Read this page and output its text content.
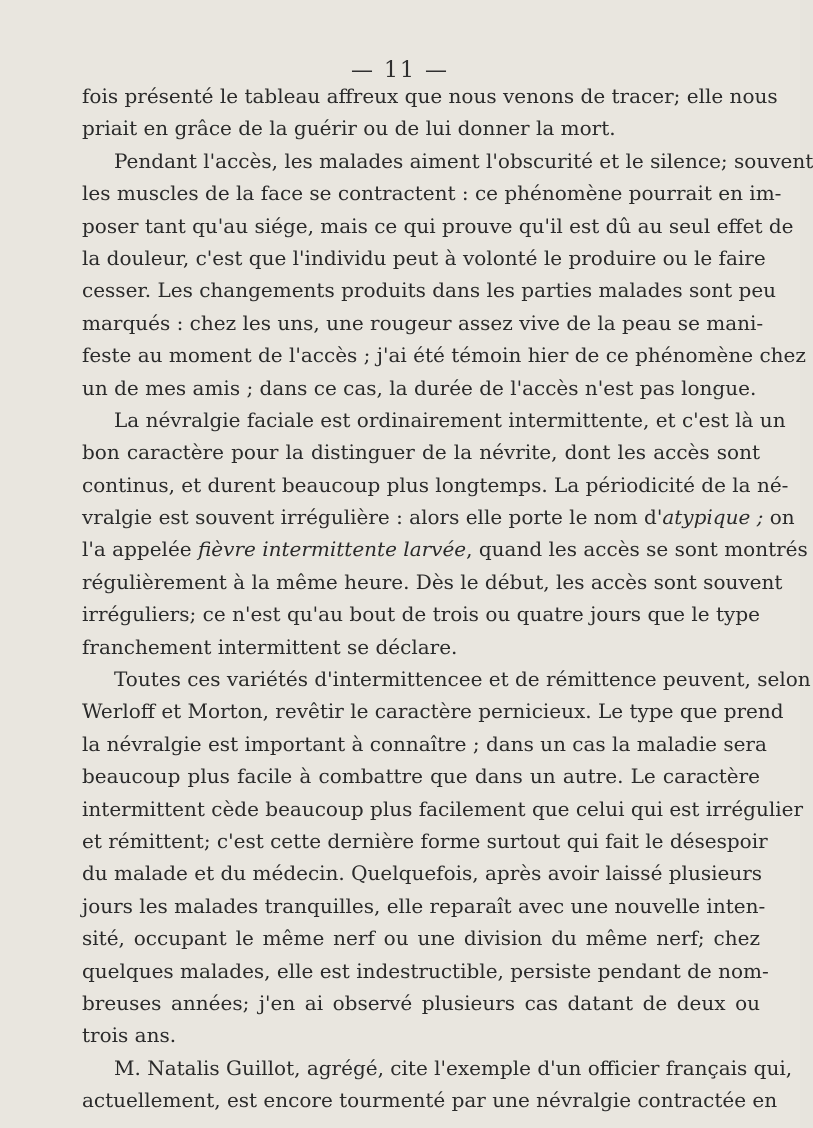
— 11 —
fois présenté le tableau affreux que nous venons de tracer; elle nous
priait en grâce de la guérir ou de lui donner la mort.
Pendant l'accès, les malades aiment l'obscurité et le silence; souvent
les muscles de la face se contractent : ce phénomène pourrait en im-
poser tant qu'au siége, mais ce qui prouve qu'il est dû au seul effet de
la douleur, c'est que l'individu peut à volonté le produire ou le faire
cesser. Les changements produits dans les parties malades sont peu
marqués : chez les uns, une rougeur assez vive de la peau se mani-
feste au moment de l'accès ; j'ai été témoin hier de ce phénomène chez
un de mes amis ; dans ce cas, la durée de l'accès n'est pas longue.
La névralgie faciale est ordinairement intermittente, et c'est là un
bon caractère pour la distinguer de la névrite, dont les accès sont
continus, et durent beaucoup plus longtemps. La périodicité de la né-
vralgie est souvent irrégulière : alors elle porte le nom d'atypique ; on
l'a appelée fièvre intermittente larvée, quand les accès se sont montrés
régulièrement à la même heure. Dès le début, les accès sont souvent
irréguliers; ce n'est qu'au bout de trois ou quatre jours que le type
franchement intermittent se déclare.
Toutes ces variétés d'intermittencee et de rémittence peuvent, selon
Werloff et Morton, revêtir le caractère pernicieux. Le type que prend
la névralgie est important à connaître ; dans un cas la maladie sera
beaucoup plus facile à combattre que dans un autre. Le caractère
intermittent cède beaucoup plus facilement que celui qui est irrégulier
et rémittent; c'est cette dernière forme surtout qui fait le désespoir
du malade et du médecin. Quelquefois, après avoir laissé plusieurs
jours les malades tranquilles, elle reparaît avec une nouvelle inten-
sité, occupant le même nerf ou une division du même nerf; chez
quelques malades, elle est indestructible, persiste pendant de nom-
breuses années; j'en ai observé plusieurs cas datant de deux ou
trois ans.
M. Natalis Guillot, agrégé, cite l'exemple d'un officier français qui,
actuellement, est encore tourmenté par une névralgie contractée en
